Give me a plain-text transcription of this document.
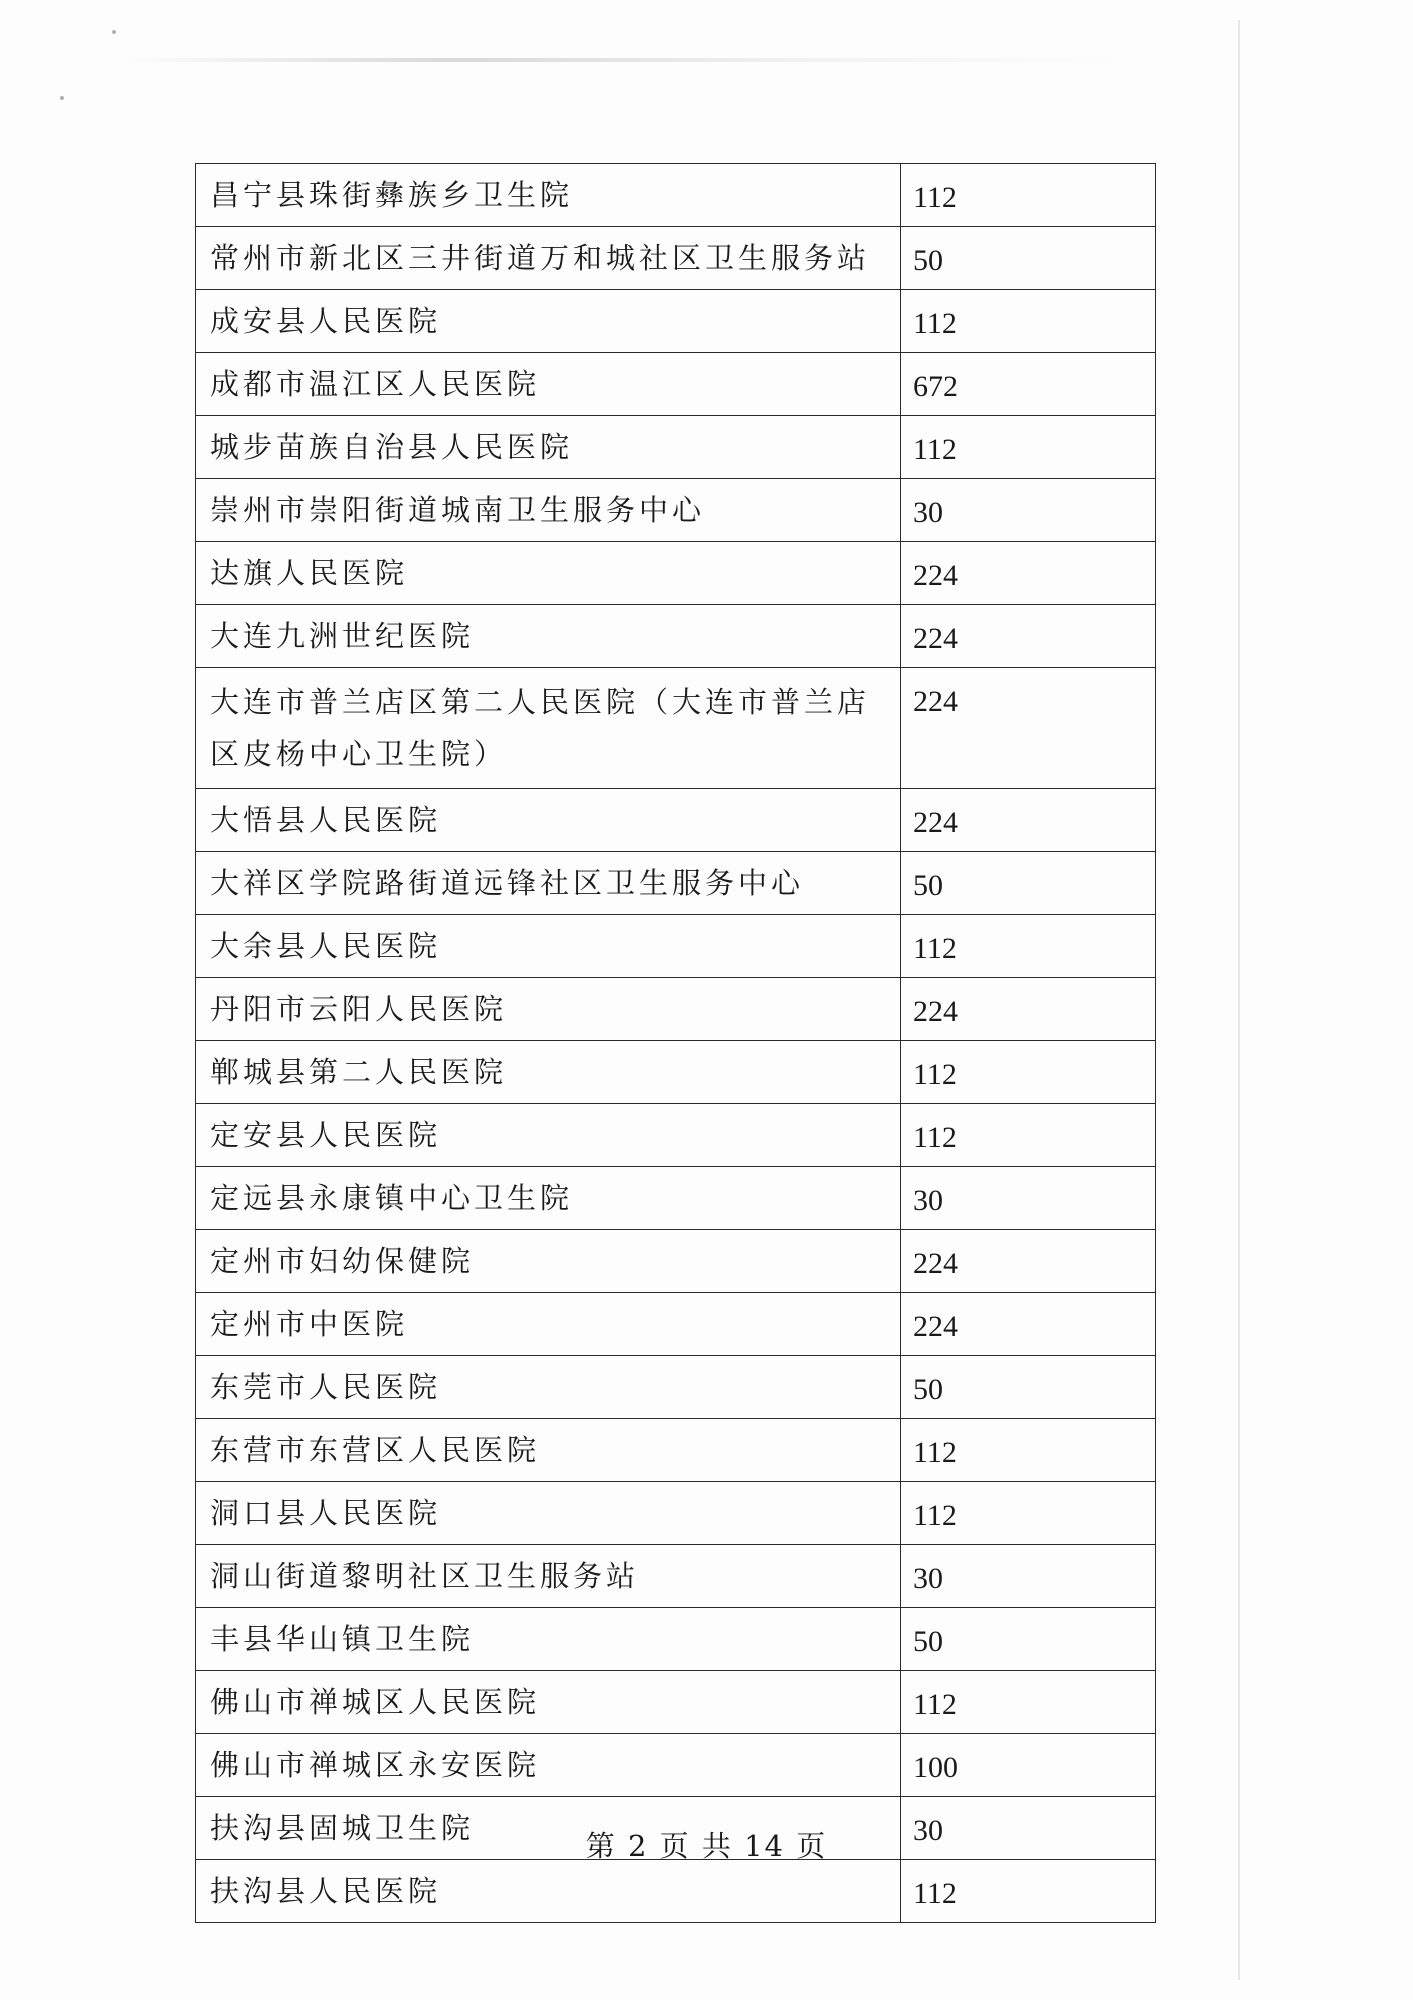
昌宁县珠街彝族乡卫生院	112
常州市新北区三井街道万和城社区卫生服务站	50
成安县人民医院	112
成都市温江区人民医院	672
城步苗族自治县人民医院	112
崇州市崇阳街道城南卫生服务中心	30
达旗人民医院	224
大连九洲世纪医院	224
大连市普兰店区第二人民医院（大连市普兰店区皮杨中心卫生院）	224
大悟县人民医院	224
大祥区学院路街道远锋社区卫生服务中心	50
大余县人民医院	112
丹阳市云阳人民医院	224
郸城县第二人民医院	112
定安县人民医院	112
定远县永康镇中心卫生院	30
定州市妇幼保健院	224
定州市中医院	224
东莞市人民医院	50
东营市东营区人民医院	112
洞口县人民医院	112
洞山街道黎明社区卫生服务站	30
丰县华山镇卫生院	50
佛山市禅城区人民医院	112
佛山市禅城区永安医院	100
扶沟县固城卫生院	30
扶沟县人民医院	112
第 2 页 共 14 页
